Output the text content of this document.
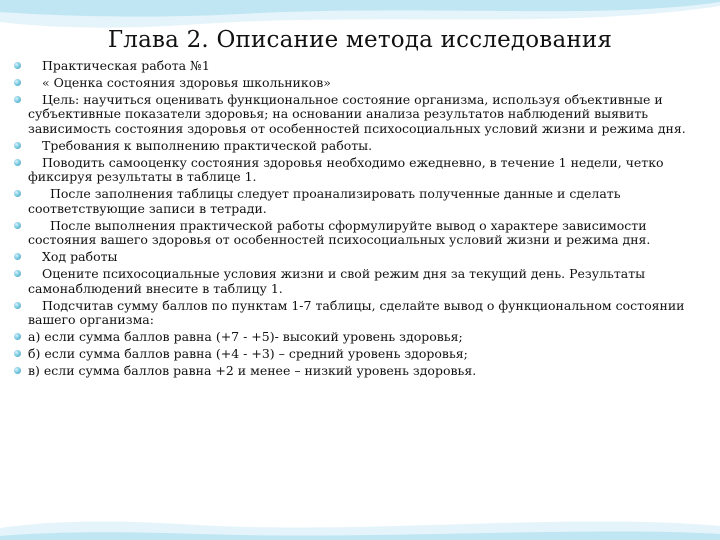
Глава 2. Описание метода исследования
Практическая работа №1
« Оценка состояния здоровья школьников»
Цель: научиться оценивать функциональное состояние организма, используя объективные и субъективные показатели здоровья; на основании анализа результатов наблюдений выявить зависимость состояния здоровья от особенностей психосоциальных условий жизни и режима дня.
Требования к выполнению практической работы.
Поводить самооценку состояния здоровья необходимо ежедневно, в течение 1 недели, четко фиксируя результаты в таблице 1.
После заполнения таблицы следует проанализировать полученные данные и сделать соответствующие записи в тетради.
После выполнения практической работы сформулируйте вывод о характере зависимости состояния вашего здоровья от особенностей психосоциальных условий жизни и режима дня.
Ход работы
Оцените психосоциальные условия жизни и свой режим дня за текущий день. Результаты самонаблюдений внесите в таблицу 1.
Подсчитав сумму баллов по пунктам 1-7 таблицы, сделайте вывод о функциональном состоянии вашего организма:
а) если сумма баллов равна (+7 - +5)- высокий уровень здоровья;
б) если сумма баллов равна (+4 - +3) – средний уровень здоровья;
в) если сумма баллов равна +2 и менее – низкий уровень здоровья.
